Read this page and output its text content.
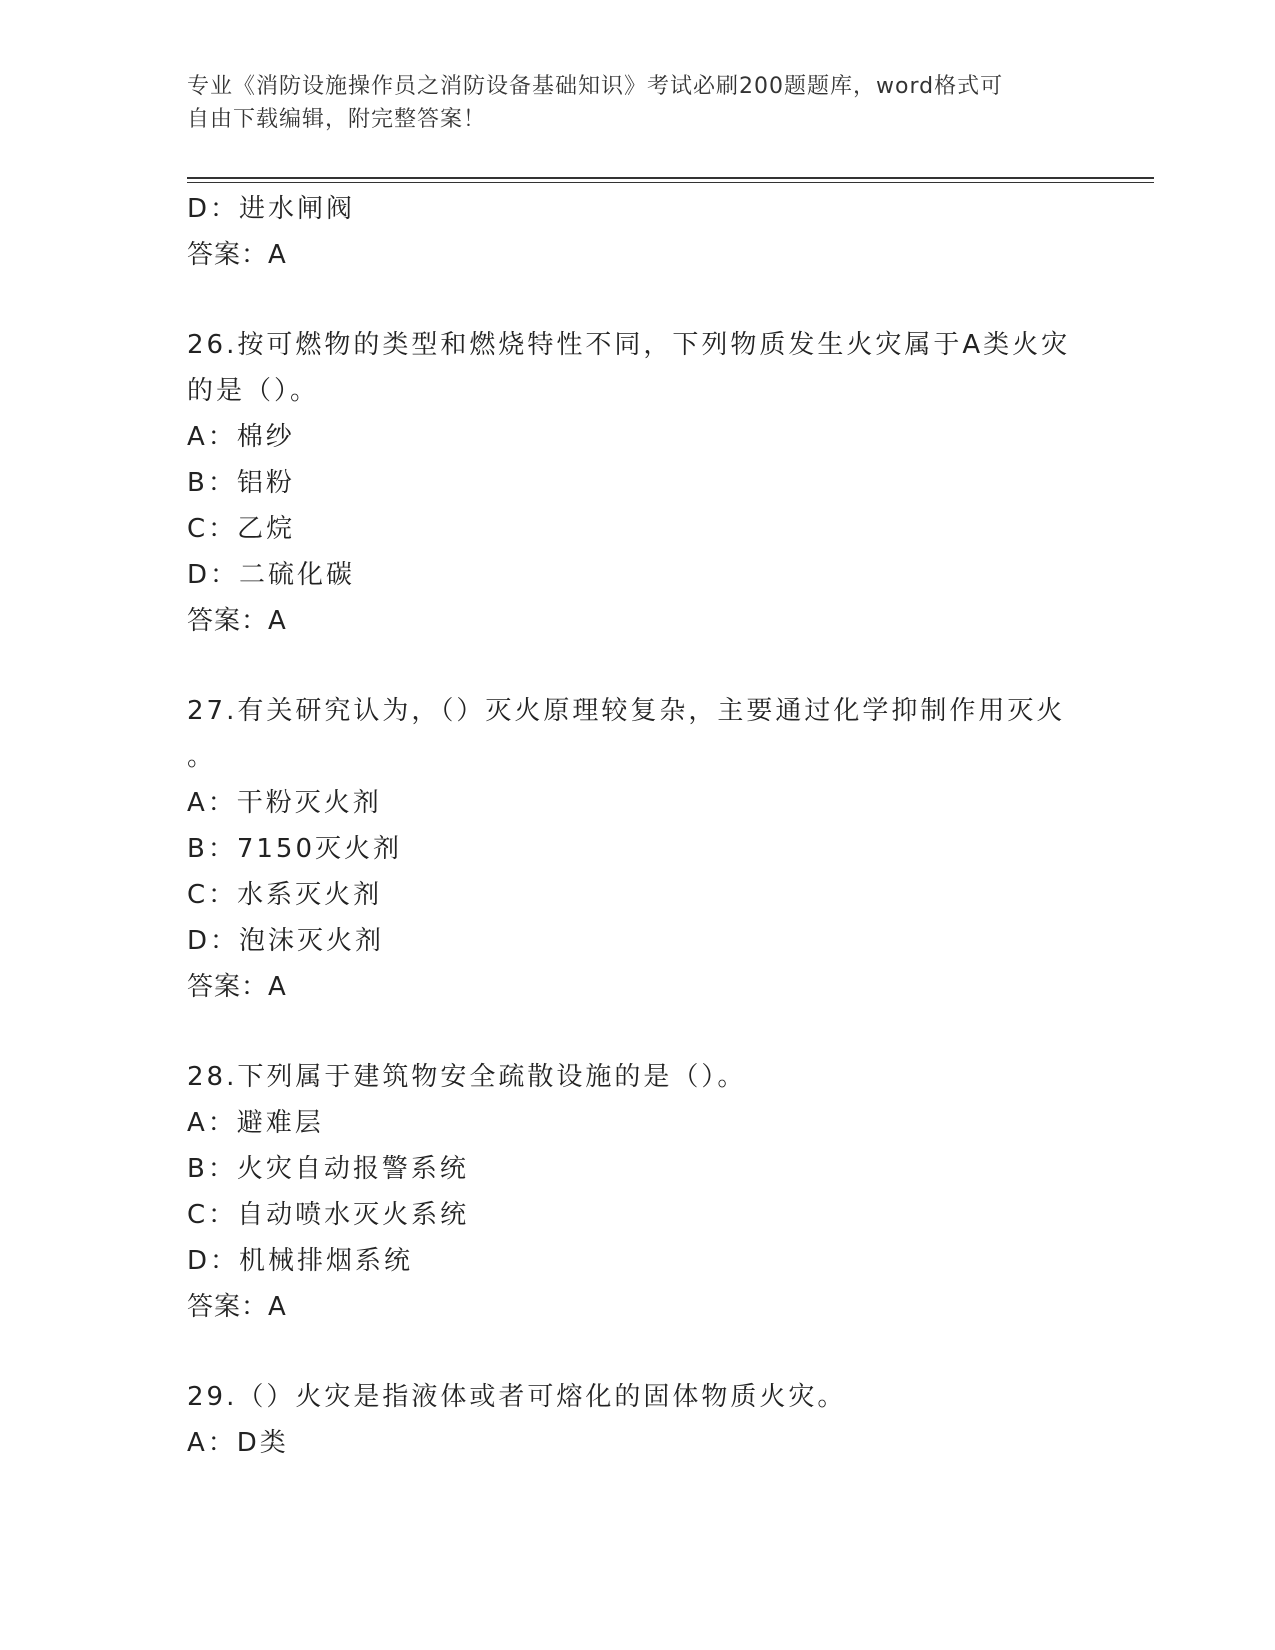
专业《消防设施操作员之消防设备基础知识》考试必刷200题题库，word格式可
自由下载编辑，附完整答案！
D：进水闸阀
答案：A
26.按可燃物的类型和燃烧特性不同，下列物质发生火灾属于A类火灾
的是（）。
A：棉纱
B：铝粉
C：乙烷
D：二硫化碳
答案：A
27.有关研究认为，（）灭火原理较复杂，主要通过化学抑制作用灭火
。
A：干粉灭火剂
B：7150灭火剂
C：水系灭火剂
D：泡沫灭火剂
答案：A
28.下列属于建筑物安全疏散设施的是（）。
A：避难层
B：火灾自动报警系统
C：自动喷水灭火系统
D：机械排烟系统
答案：A
29.（）火灾是指液体或者可熔化的固体物质火灾。
A：D类
